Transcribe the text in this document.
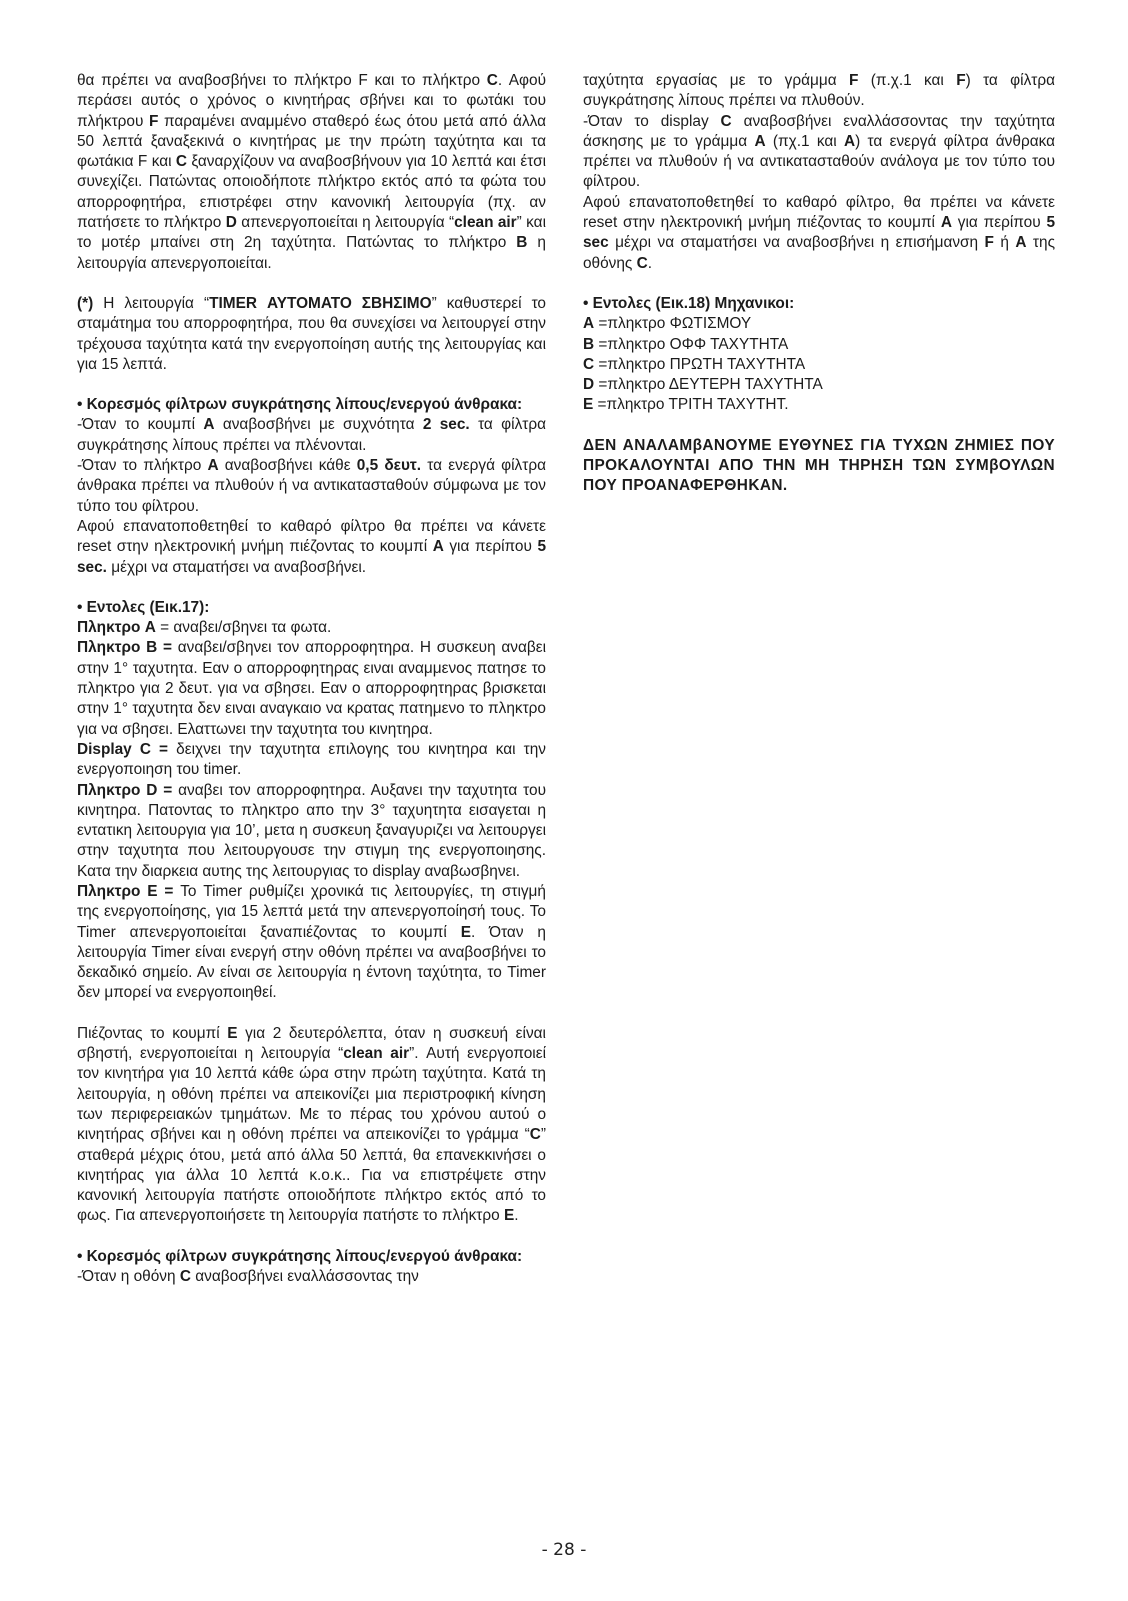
θα πρέπει να αναβοσβήνει το πλήκτρο F και το πλήκτρο C. Αφού περάσει αυτός ο χρόνος ο κινητήρας σβήνει και το φωτάκι του πλήκτρου F παραμένει αναμμένο σταθερό έως ότου μετά από άλλα 50 λεπτά ξαναξεκινά ο κινητήρας με την πρώτη ταχύτητα και τα φωτάκια F και C ξαναρχίζουν να αναβοσβήνουν για 10 λεπτά και έτσι συνεχίζει. Πατώντας οποιοδήποτε πλήκτρο εκτός από τα φώτα του απορροφητήρα, επιστρέφει στην κανονική λειτουργία (πχ. αν πατήσετε το πλήκτρο D απενεργοποιείται η λειτουργία “clean air” και το μοτέρ μπαίνει στη 2η ταχύτητα. Πατώντας το πλήκτρο B η λειτουργία απενεργοποιείται.

(*) Η λειτουργία “TIMER ΑΥΤΟΜΑΤΟ ΣΒΗΣΙΜΟ” καθυστερεί το σταμάτημα του απορροφητήρα, που θα συνεχίσει να λειτουργεί στην τρέχουσα ταχύτητα κατά την ενεργοποίηση αυτής της λειτουργίας και για 15 λεπτά.

• Κορεσμός φίλτρων συγκράτησης λίπους/ενεργού άνθρακα:

-Όταν το κουμπί A αναβοσβήνει με συχνότητα 2 sec. τα φίλτρα συγκράτησης λίπους πρέπει να πλένονται.

-Όταν το πλήκτρο A αναβοσβήνει κάθε 0,5 δευτ. τα ενεργά φίλτρα άνθρακα πρέπει να πλυθούν ή να αντικατασταθούν σύμφωνα με τον τύπο του φίλτρου.

Αφού επανατοποθετηθεί το καθαρό φίλτρο θα πρέπει να κάνετε reset στην ηλεκτρονική μνήμη πιέζοντας το κουμπί A για περίπου 5 sec. μέχρι να σταματήσει να αναβοσβήνει.

• Εντολες (Εικ.17):

Πληκτρο A = αναβει/σβηνει τα φωτα.

Πληκτρο B = αναβει/σβηνει τον απορροφητηρα. Η συσκευη αναβει στην 1° ταχυτητα. Εαν ο απορροφητηρας ειναι αναμμενος πατησε το πληκτρο για 2 δευτ. για να σβησει. Εαν ο απορροφητηρας βρισκεται στην 1° ταχυτητα δεν ειναι αναγκαιο να κρατας πατημενο το πληκτρο για να σβησει. Ελαττωνει την ταχυτητα του κινητηρα.

Display C = δειχνει την ταχυτητα επιλογης του κινητηρα και την ενεργοποιηση του timer.

Πληκτρο D = αναβει τον απορροφητηρα. Αυξανει την ταχυτητα του κινητηρα. Πατοντας το πληκτρο απο την 3° ταχυητητα εισαγεται η εντατικη λειτουργια για 10’, μετα η συσκευη ξαναγυριζει να λειτουργει στην ταχυτητα που λειτουργουσε την στιγμη της ενεργοποιησης. Κατα την διαρκεια αυτης της λειτουργιας το display αναβωσβηνει.

Πληκτρο E = Το Timer ρυθμίζει χρονικά τις λειτουργίες, τη στιγμή της ενεργοποίησης, για 15 λεπτά μετά την απενεργοποίησή τους. Το Timer απενεργοποιείται ξαναπιέζοντας το κουμπί E. Όταν η λειτουργία Timer είναι ενεργή στην οθόνη πρέπει να αναβοσβήνει το δεκαδικό σημείο. Αν είναι σε λειτουργία η έντονη ταχύτητα, το Timer δεν μπορεί να ενεργοποιηθεί.

Πιέζοντας το κουμπί E για 2 δευτερόλεπτα, όταν η συσκευή είναι σβηστή, ενεργοποιείται η λειτουργία “clean air”. Αυτή ενεργοποιεί τον κινητήρα για 10 λεπτά κάθε ώρα στην πρώτη ταχύτητα. Κατά τη λειτουργία, η οθόνη πρέπει να απεικονίζει μια περιστροφική κίνηση των περιφερειακών τμημάτων. Με το πέρας του χρόνου αυτού ο κινητήρας σβήνει και η οθόνη πρέπει να απεικονίζει το γράμμα “C” σταθερά μέχρις ότου, μετά από άλλα 50 λεπτά, θα επανεκκινήσει ο κινητήρας για άλλα 10 λεπτά κ.ο.κ.. Για να επιστρέψετε στην κανονική λειτουργία πατήστε οποιοδήποτε πλήκτρο εκτός από το φως. Για απενεργοποιήσετε τη λειτουργία πατήστε το πλήκτρο E.

• Κορεσμός φίλτρων συγκράτησης λίπους/ενεργού άνθρακα:

-Όταν η οθόνη C αναβοσβήνει εναλλάσσοντας την

ταχύτητα εργασίας με το γράμμα F (π.χ.1 και F) τα φίλτρα συγκράτησης λίπους πρέπει να πλυθούν.

-Όταν το display C αναβοσβήνει εναλλάσσοντας την ταχύτητα άσκησης με το γράμμα A (πχ.1 και A) τα ενεργά φίλτρα άνθρακα πρέπει να πλυθούν ή να αντικατασταθούν ανάλογα με τον τύπο του φίλτρου.

Αφού επανατοποθετηθεί το καθαρό φίλτρο, θα πρέπει να κάνετε reset στην ηλεκτρονική μνήμη πιέζοντας το κουμπί A για περίπου 5 sec μέχρι να σταματήσει να αναβοσβήνει η επισήμανση F ή A της οθόνης C.

• Εντολες (Εικ.18) Μηχανικοι:

A =πληκτρο ΦΩΤΙΣΜΟΥ

B =πληκτρο ΟΦΦ ΤΑΧΥΤΗΤΑ

C =πληκτρο ΠΡΩΤΗ ΤΑΧΥΤΗΤΑ

D =πληκτρο ΔΕΥΤΕΡΗ ΤΑΧΥΤΗΤΑ

E =πληκτρο ΤΡΙΤΗ ΤΑΧΥΤΗΤ.

ΔΕΝ ΑΝΑΛΑΜβΑΝΟΥΜΕ ΕΥΘΥΝΕΣ ΓΙΑ ΤΥΧΩΝ ΖΗΜΙΕΣ ΠΟΥ ΠΡΟΚΑΛΟΥΝΤΑΙ ΑΠΟ ΤΗΝ ΜΗ ΤΗΡΗΣΗ ΤΩΝ ΣΥΜβΟΥΛΩΝ ΠΟΥ ΠΡΟΑΝΑΦΕΡΘΗΚΑΝ.

- 28 -
